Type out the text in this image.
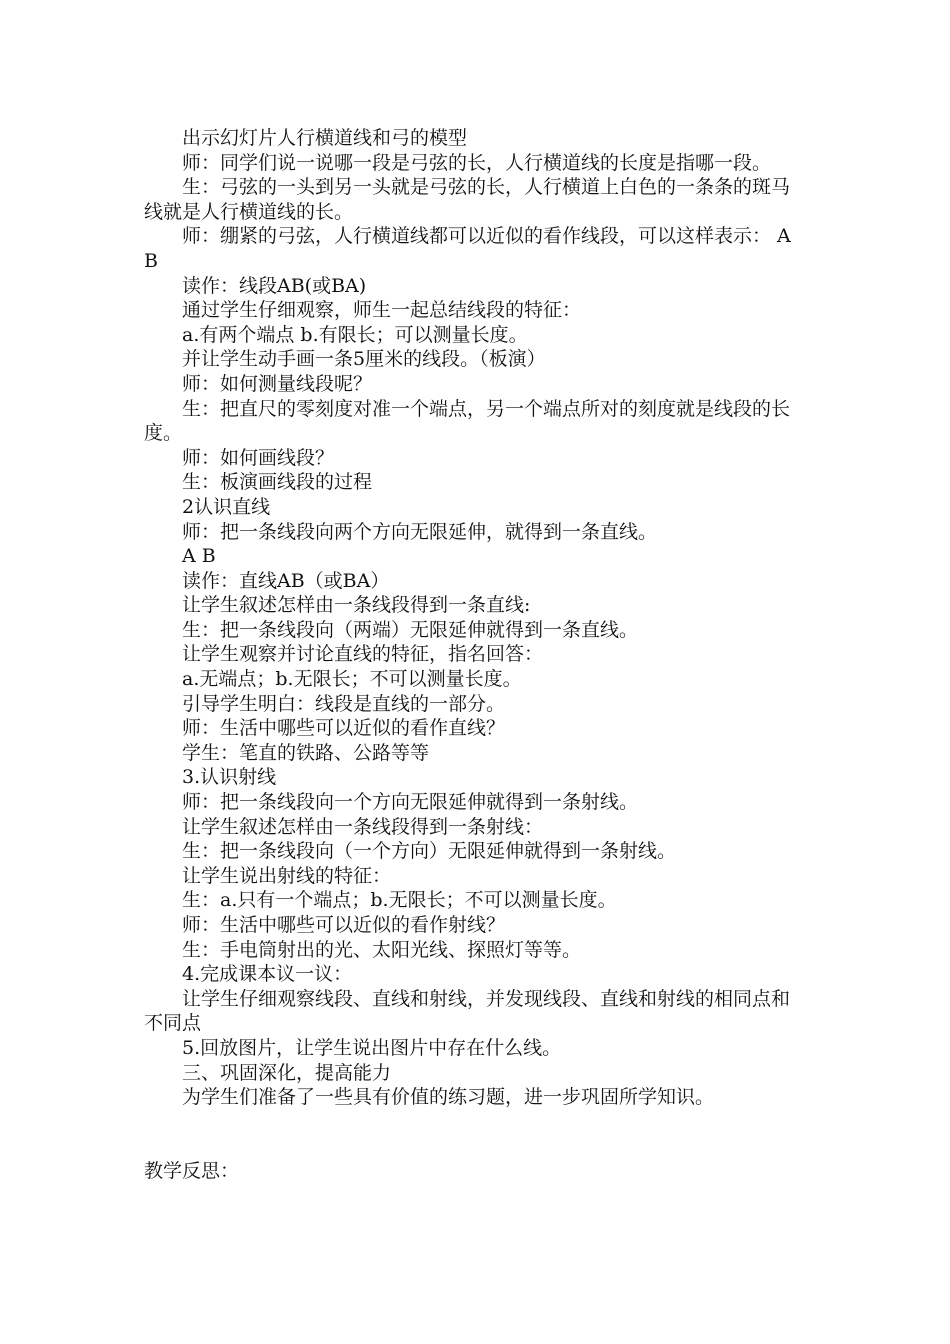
出示幻灯片人行横道线和弓的模型

师：同学们说一说哪一段是弓弦的长，人行横道线的长度是指哪一段。

生：弓弦的一头到另一头就是弓弦的长，人行横道上白色的一条条的斑马线就是人行横道线的长。

师：绷紧的弓弦，人行横道线都可以近似的看作线段，可以这样表示： AB

读作：线段AB(或BA)

通过学生仔细观察，师生一起总结线段的特征：

a.有两个端点 b.有限长；可以测量长度。

并让学生动手画一条5厘米的线段。（板演）

师：如何测量线段呢？

生：把直尺的零刻度对准一个端点，另一个端点所对的刻度就是线段的长度。

师：如何画线段？

生：板演画线段的过程

2认识直线

师：把一条线段向两个方向无限延伸，就得到一条直线。

A B

读作：直线AB（或BA）

让学生叙述怎样由一条线段得到一条直线:

生：把一条线段向（两端）无限延伸就得到一条直线。

让学生观察并讨论直线的特征，指名回答：

a.无端点；b.无限长；不可以测量长度。

引导学生明白：线段是直线的一部分。

师：生活中哪些可以近似的看作直线？

学生：笔直的铁路、公路等等

3.认识射线

师：把一条线段向一个方向无限延伸就得到一条射线。

让学生叙述怎样由一条线段得到一条射线：

生：把一条线段向（一个方向）无限延伸就得到一条射线。

让学生说出射线的特征：

生：a.只有一个端点；b.无限长；不可以测量长度。

师：生活中哪些可以近似的看作射线？

生：手电筒射出的光、太阳光线、探照灯等等。

4.完成课本议一议：

让学生仔细观察线段、直线和射线，并发现线段、直线和射线的相同点和不同点

5.回放图片，让学生说出图片中存在什么线。

三、巩固深化，提高能力

为学生们准备了一些具有价值的练习题，进一步巩固所学知识。

教学反思：
